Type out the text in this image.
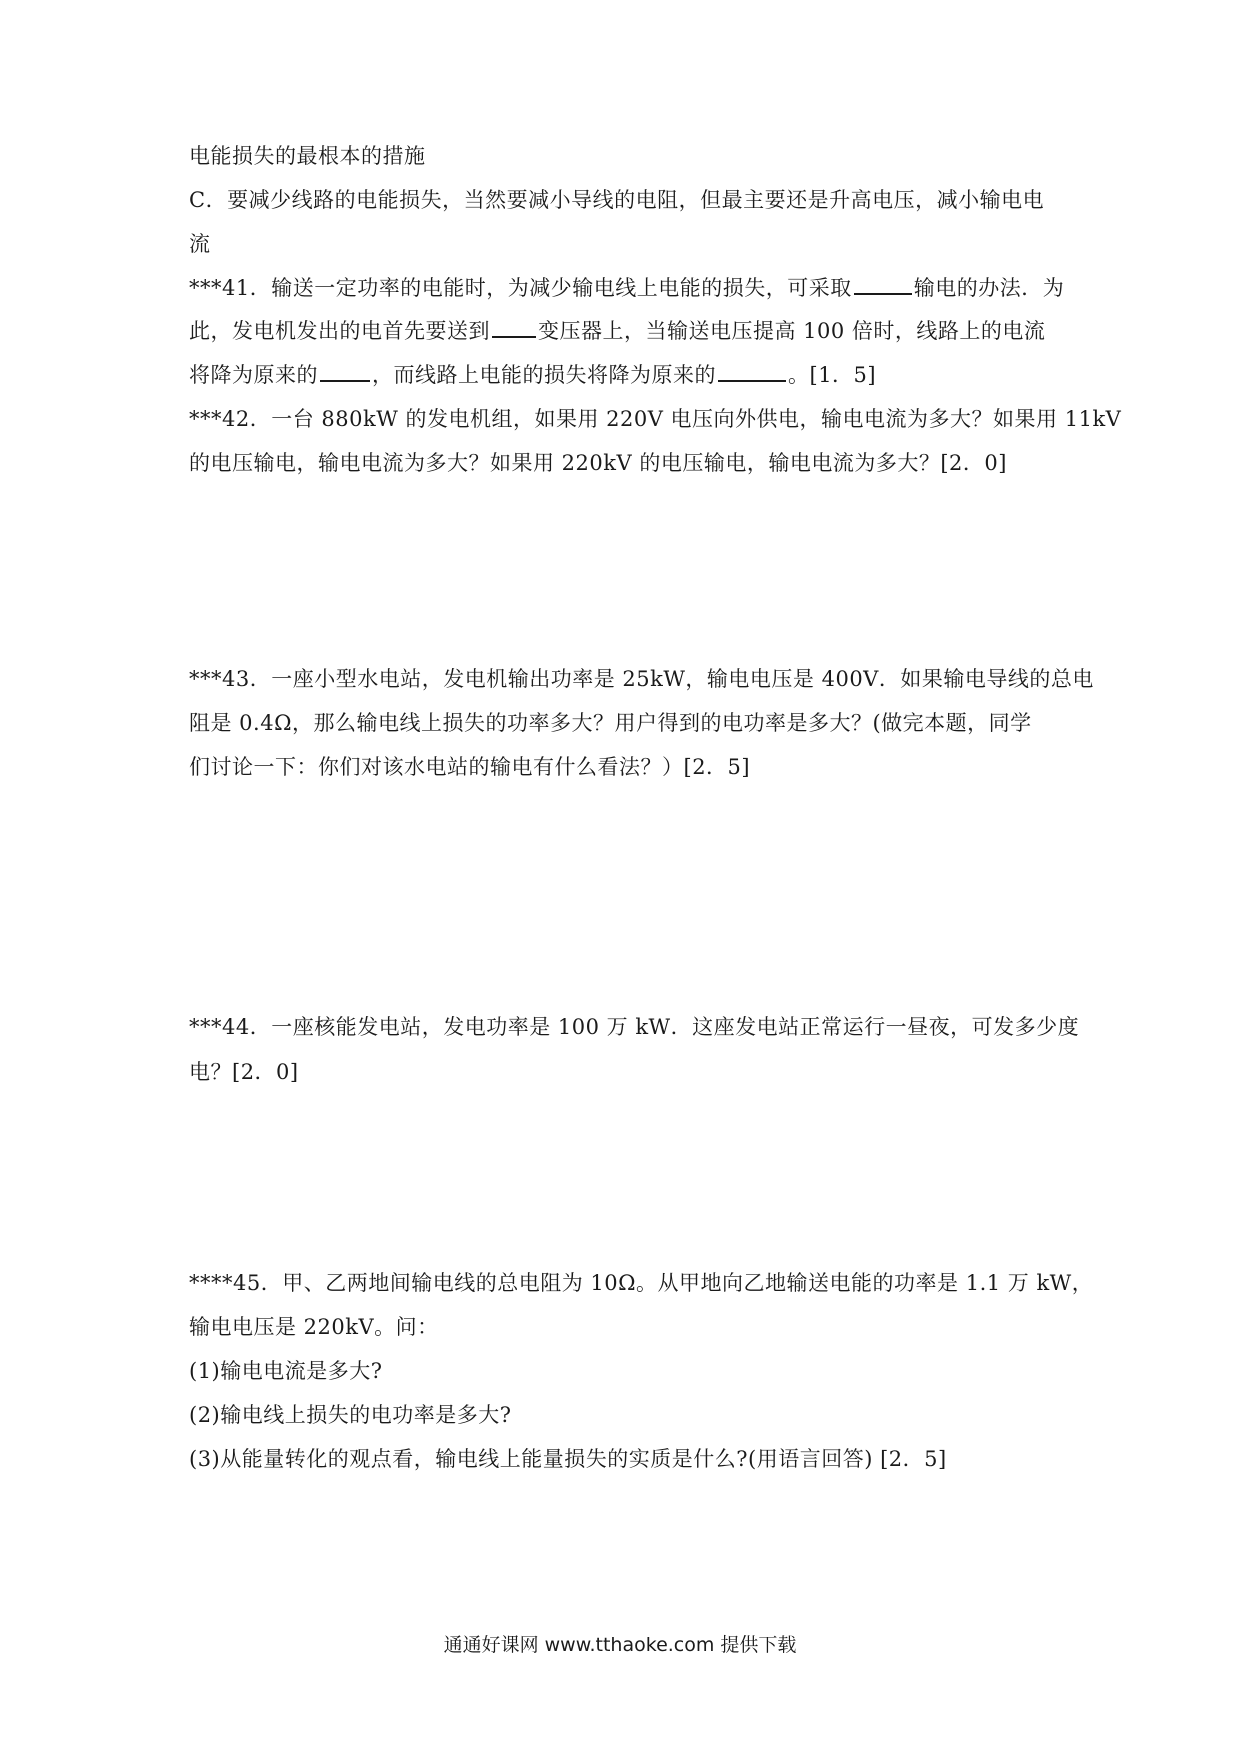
电能损失的最根本的措施
C．要减少线路的电能损失，当然要减小导线的电阻，但最主要还是升高电压，减小输电电
流
***41．输送一定功率的电能时，为减少输电线上电能的损失，可采取	输电的办法．为
此，发电机发出的电首先要送到 变压器上，当输送电压提高 100 倍时，线路上的电流
将降为原来的	，而线路上电能的损失将降为原来的	。[1．5]
***42．一台 880kW 的发电机组，如果用 220V 电压向外供电，输电电流为多大？如果用 11kV
的电压输电，输电电流为多大？如果用 220kV 的电压输电，输电电流为多大？[2．0]
***43．一座小型水电站，发电机输出功率是 25kW，输电电压是 400V．如果输电导线的总电
阻是 0.4Ω，那么输电线上损失的功率多大？用户得到的电功率是多大？(做完本题，同学
们讨论一下：你们对该水电站的输电有什么看法？）[2．5]
***44．一座核能发电站，发电功率是 100 万 kW．这座发电站正常运行一昼夜，可发多少度
电？[2．0]
****45．甲、乙两地间输电线的总电阻为 10Ω。从甲地向乙地输送电能的功率是 1.1 万 kW，
输电电压是 220kV。问：
(1)输电电流是多大?
(2)输电线上损失的电功率是多大?
(3)从能量转化的观点看，输电线上能量损失的实质是什么?(用语言回答) [2．5]
通通好课网 www.tthaoke.com 提供下载
